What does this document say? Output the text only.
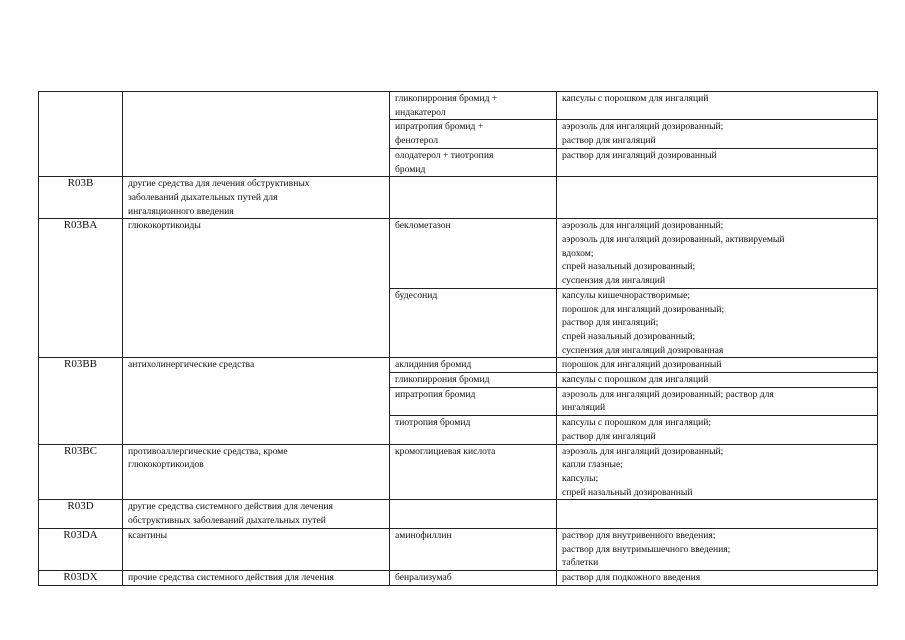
		гликопиррония бромид +
индакатерол	капсулы с порошком для ингаляций

		ипратропия бромид +
фенотерол	аэрозоль для ингаляций дозированный;
раствор для ингаляций

		олодатерол + тиотропия
бромид	раствор для ингаляций дозированный

R03B	другие средства для лечения обструктивных
заболеваний дыхательных путей для
ингаляционного введения		

R03BA	глюкокортикоиды	беклометазон	аэрозоль для ингаляций дозированный;
аэрозоль для ингаляций дозированный, активируемый
вдохом;
спрей назальный дозированный;
суспензия для ингаляций

		будесонид	капсулы кишечнорастворимые;
порошок для ингаляций дозированный;
раствор для ингаляций;
спрей назальный дозированный;
суспензия для ингаляций дозированная

R03BB	антихолинергические средства	аклидиния бромид	порошок для ингаляций дозированный

		гликопиррония бромид	капсулы с порошком для ингаляций

		ипратропия бромид	аэрозоль для ингаляций дозированный; раствор для
ингаляций

		тиотропия бромид	капсулы с порошком для ингаляций;
раствор для ингаляций

R03BC	противоаллергические средства, кроме
глюкокортикоидов	кромоглициевая кислота	аэрозоль для ингаляций дозированный;
капли глазные;
капсулы;
спрей назальный дозированный

R03D	другие средства системного действия для лечения
обструктивных заболеваний дыхательных путей		

R03DA	ксантины	аминофиллин	раствор для внутривенного введения;
раствор для внутримышечного введения;
таблетки

R03DX	прочие средства системного действия для лечения	бенрализумаб	раствор для подкожного введения
